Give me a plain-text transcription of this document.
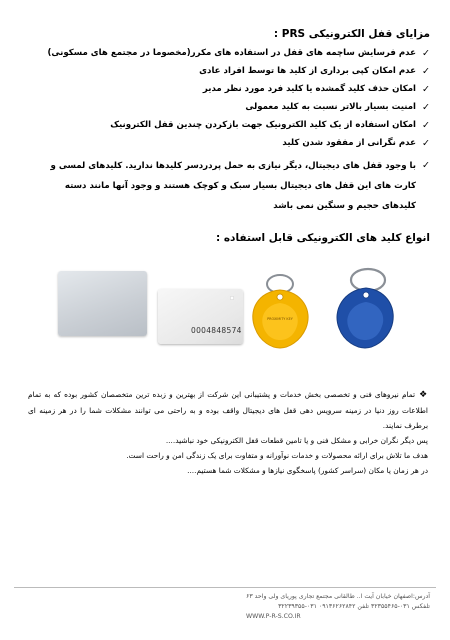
مزایای قفل الکترونیکی PRS :
✓
عدم فرسایش ساچمه های قفل در استفاده های مکرر(مخصوما در مجتمع های مسکونی)
✓
عدم امکان کپی برداری از کلید ها توسط افراد عادی
✓
امکان حذف کلید گمشده یا کلید فرد مورد نظر مدیر
✓
امنیت بسیار بالاتر نسبت به کلید معمولی
✓
امکان استفاده از یک کلید الکترونیک جهت بازکردن چندین قفل الکترونیک
✓
عدم نگرانی از مفقود شدن کلید
✓
با وجود قفل های دیجیتال، دیگر نیازی به حمل پردردسر کلیدها ندارید. کلیدهای لمسی و کارت های این قفل های دیجیتال بسیار سبک و کوچک هستند و وجود آنها مانند دسته کلیدهای حجیم و سنگین نمی باشد
انواع کلید های الکترونیکی قابل استفاده :
0004848574
PROXIMITY KEY
❖تمام نیروهای فنی و تخصصی بخش خدمات و پشتیبانی این شرکت از بهترین و زبده ترین متخصصان کشور بوده که به تمام اطلاعات روز دنیا در زمینه سرویس دهی قفل های دیجیتال واقف بوده و به راحتی می توانند مشکلات شما را در هر زمینه ای برطرف نمایند.
پس دیگر نگران خرابی و مشکل فنی و یا تامین قطعات قفل الکترونیکی خود نباشید....
هدف ما تلاش برای ارائه محصولات و خدمات نوآورانه و متفاوت برای یک زندگی امن و راحت است.
در هر زمان یا مکان (سراسر کشور) پاسخگوی نیازها و مشکلات شما هستیم....
آدرس:اصفهان خیابان آیت ا.. طالقانی مجتمع تجاری پوریای ولی واحد ۶۳
تلفکس ۰۳۱-۳۲۳۵۵۴۶۵ تلفن ۰۹۱۳۶۲۶۲۸۴۲ ۰۳۱-۳۲۲۳۹۳۵۵
WWW.P-R-S.CO.IR
